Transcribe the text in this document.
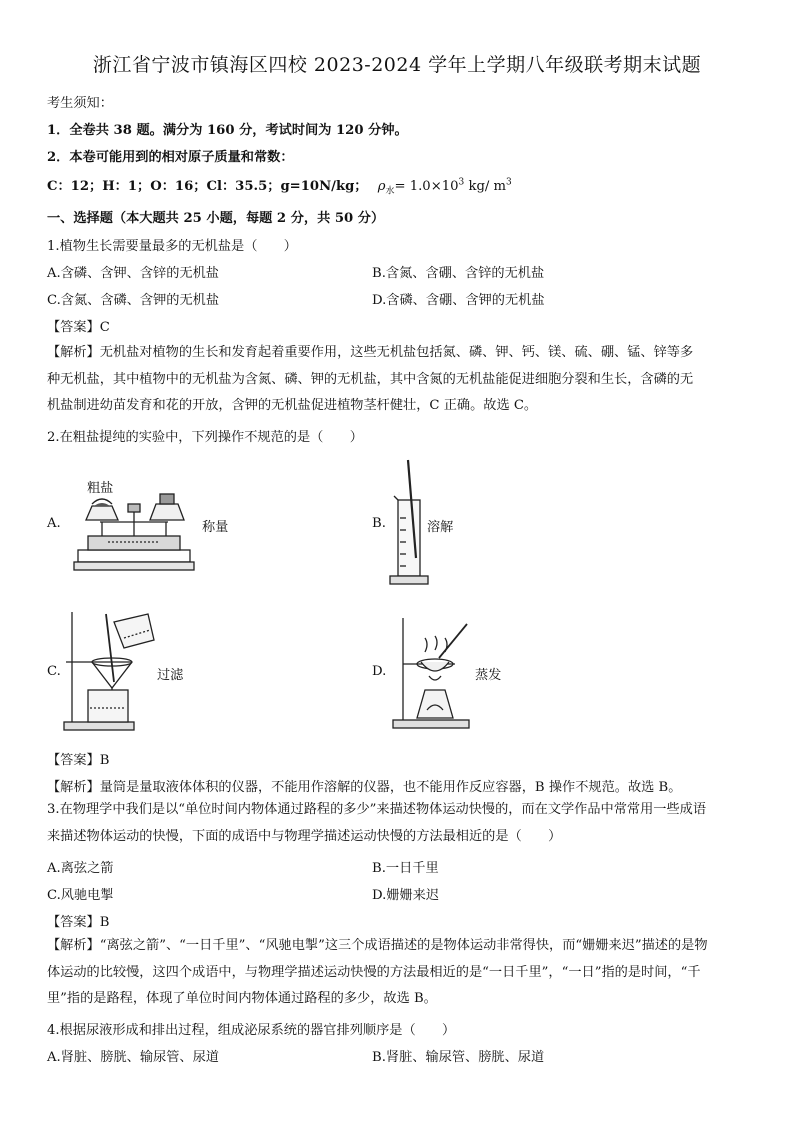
浙江省宁波市镇海区四校 2023-2024 学年上学期八年级联考期末试题
考生须知：
1．全卷共 38 题。满分为 160 分，考试时间为 120 分钟。
2．本卷可能用到的相对原子质量和常数：
C：12；H：1；O：16；Cl：35.5；g=10N/kg； $\rho_水= 1.0\times 10^3$ kg/ $m^3$
一、选择题（本大题共 25 小题，每题 2 分，共 50 分）
1.植物生长需要量最多的无机盐是（　　）
A.含磷、含钾、含锌的无机盐	B.含氮、含硼、含锌的无机盐
C.含氮、含磷、含钾的无机盐	D.含磷、含硼、含钾的无机盐
【答案】C

【解析】无机盐对植物的生长和发育起着重要作用，这些无机盐包括氮、磷、钾、钙、镁、硫、硼、锰、锌等多

种无机盐，其中植物中的无机盐为含氮、磷、钾的无机盐，其中含氮的无机盐能促进细胞分裂和生长，含磷的无

机盐制进幼苗发育和花的开放，含钾的无机盐促进植物茎杆健壮，C 正确。故选 C。

2.在粗盐提纯的实验中，下列操作不规范的是（　　）
A.
粗盐
称量	B.	溶解
C.	过滤	D.	蒸发
【答案】B
【解析】量筒是量取液体体积的仪器，不能用作溶解的仪器，也不能用作反应容器，B 操作不规范。故选 B。

3.在物理学中我们是以“单位时间内物体通过路程的多少”来描述物体运动快慢的，而在文学作品中常常用一些成语

来描述物体运动的快慢，下面的成语中与物理学描述运动快慢的方法最相近的是（　　）

A.离弦之箭	B.一日千里
C.风驰电掣	D.姗姗来迟
【答案】B

【解析】“离弦之箭”、“一日千里”、“风驰电掣”这三个成语描述的是物体运动非常得快，而“姗姗来迟”描述的是物

体运动的比较慢，这四个成语中，与物理学描述运动快慢的方法最相近的是“一日千里”，“一日”指的是时间，“千

里”指的是路程，体现了单位时间内物体通过路程的多少，故选 B。

4.根据尿液形成和排出过程，组成泌尿系统的器官排列顺序是（　　）
A.肾脏、膀胱、输尿管、尿道	B.肾脏、输尿管、膀胱、尿道
